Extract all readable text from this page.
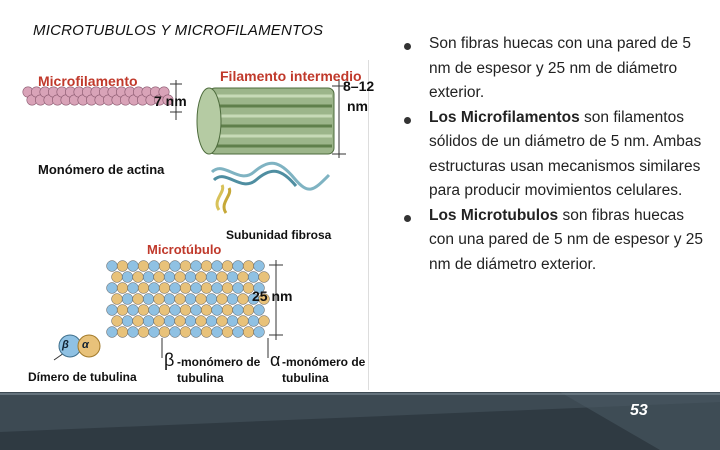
MICROTUBULOS Y MICROFILAMENTOS
Microfilamento
7 nm
Filamento intermedio
8–12
nm
Monómero de actina
Subunidad fibrosa
Microtúbulo
25 nm
β α
Dímero de tubulina
β -monómero de
tubulina
α -monómero de
tubulina
Son fibras huecas con una pared de 5 nm de espesor y 25 nm de diámetro exterior.
Los Microfilamentos son filamentos sólidos de un diámetro de 5 nm. Ambas estructuras usan mecanismos similares para producir movimientos celulares.
Los Microtubulos son fibras huecas con una pared de 5 nm de espesor y 25 nm de diámetro exterior.
53
